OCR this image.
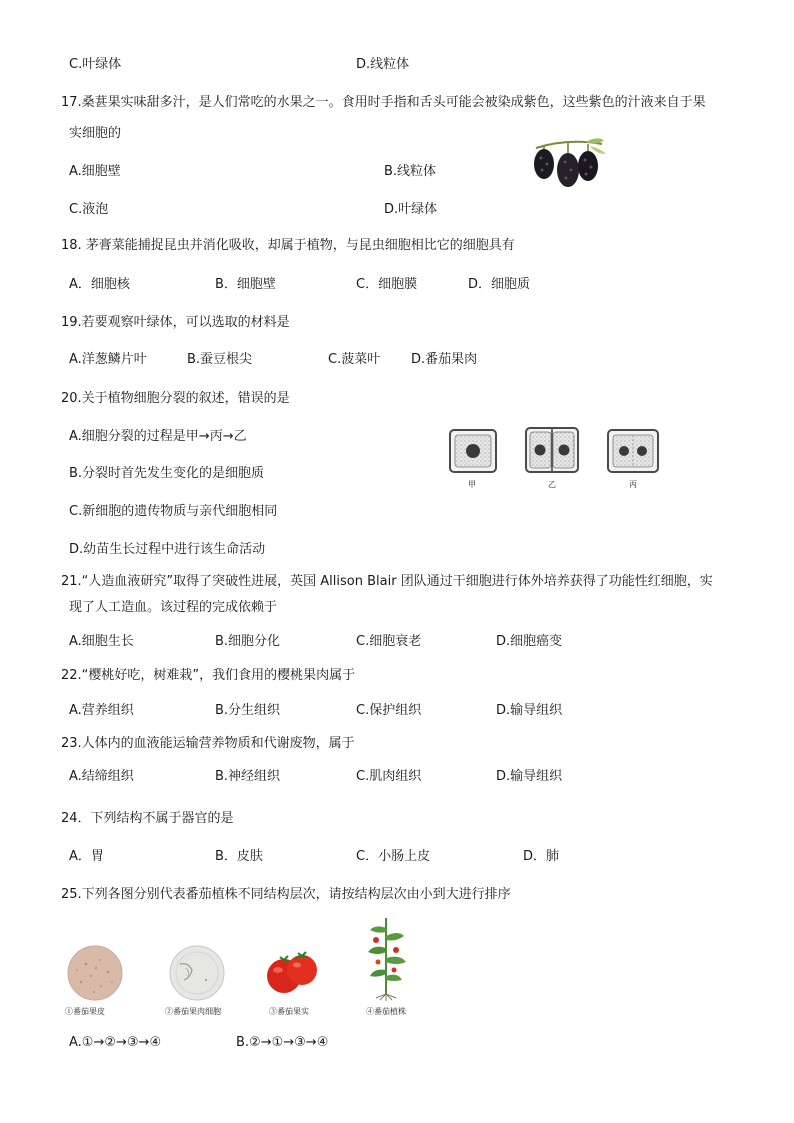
C.叶绿体	D.线粒体
17.桑葚果实味甜多汁，是人们常吃的水果之一。食用时手指和舌头可能会被染成紫色，这些紫色的汁液来自于果
实细胞的
A.细胞壁	B.线粒体
C.液泡	D.叶绿体
18. 茅膏菜能捕捉昆虫并消化吸收，却属于植物，与昆虫细胞相比它的细胞具有
A．细胞核	B．细胞壁	C．细胞膜	D．细胞质
19.若要观察叶绿体，可以选取的材料是
A.洋葱鳞片叶	B.蚕豆根尖	C.菠菜叶 D.番茄果肉
20.关于植物细胞分裂的叙述，错误的是
A.细胞分裂的过程是甲→丙→乙
B.分裂时首先发生变化的是细胞质
C.新细胞的遗传物质与亲代细胞相同
D.幼苗生长过程中进行该生命活动
甲	乙	丙
21.“人造血液研究”取得了突破性进展，英国 Allison Blair 团队通过干细胞进行体外培养获得了功能性红细胞，实
现了人工造血。该过程的完成依赖于
A.细胞生长	B.细胞分化	C.细胞衰老	D.细胞癌变
22.“樱桃好吃，树难栽”，我们食用的樱桃果肉属于
A.营养组织	B.分生组织	C.保护组织	D.输导组织
23.人体内的血液能运输营养物质和代谢废物，属于
A.结缔组织	B.神经组织	C.肌肉组织	D.输导组织
24．下列结构不属于器官的是
A．胃	B．皮肤	C．小肠上皮	D．肺
25.下列各图分别代表番茄植株不同结构层次，请按结构层次由小到大进行排序
①番茄果皮	②番茄果肉细胞	③番茄果实	④番茄植株
A.①→②→③→④	B.②→①→③→④
